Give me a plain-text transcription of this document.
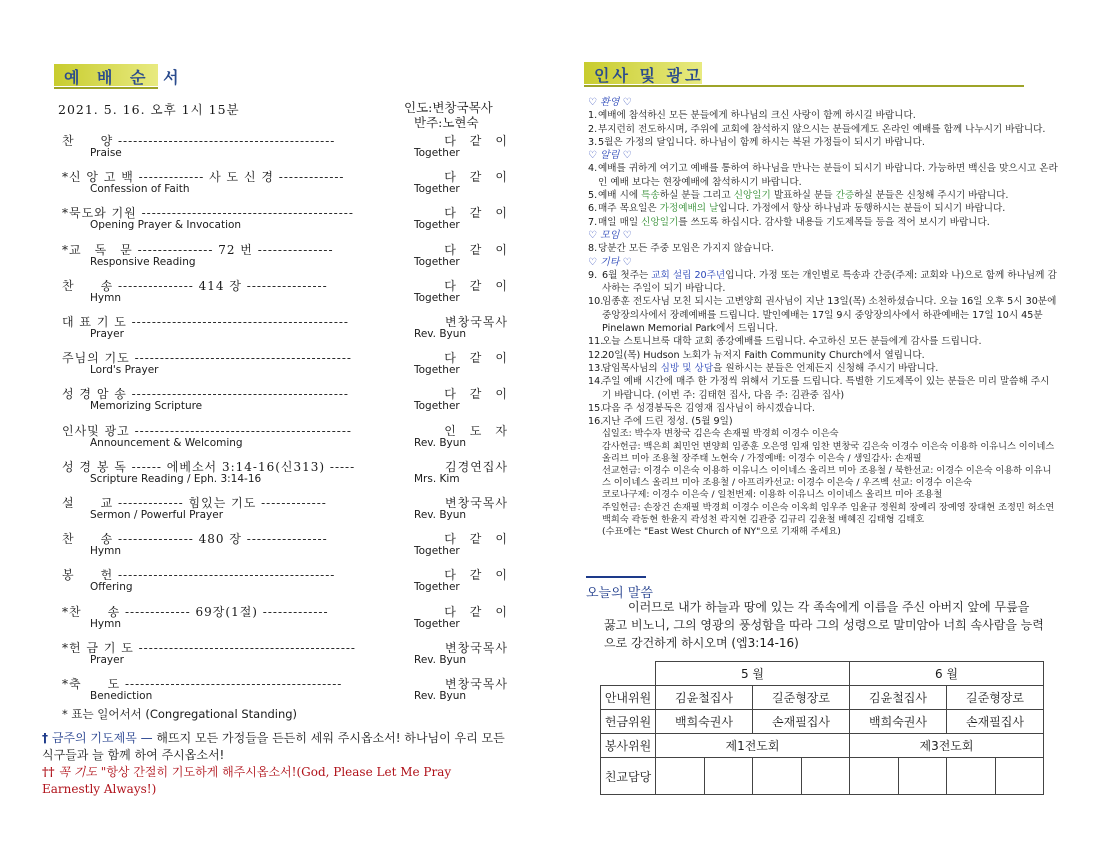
예 배 순 서
2021. 5. 16. 오후 1시 15분	인도:변창국목사
반주:노현숙
찬　　양 -------------------------------------------	다　같　이
Praise	Together
*신 앙 고 백 ------------- 사 도 신 경 -------------	다　같　이
Confession of Faith	Together
*묵도와 기원 ------------------------------------------	다　같　이
Opening Prayer & Invocation	Together
*교　독　문 --------------- 72 번 ---------------	다　같　이
Responsive Reading	Together
찬　　송 --------------- 414 장 ----------------	다　같　이
Hymn	Together
대 표 기 도 -------------------------------------------	변창국목사
Prayer	Rev. Byun
주님의 기도 -------------------------------------------	다　같　이
Lord's Prayer	Together
성 경 암 송 -------------------------------------------	다　같　이
Memorizing Scripture	Together
인사및 광고 -------------------------------------------	인　도　자
Announcement & Welcoming	Rev. Byun
성 경 봉 독 ------ 에베소서 3:14-16(신313) -----	김경연집사
Scripture Reading / Eph. 3:14-16	Mrs. Kim
설　　교 ------------- 힘있는 기도 -------------	변창국목사
Sermon / Powerful Prayer	Rev. Byun
찬　　송 --------------- 480 장 ----------------	다　같　이
Hymn	Together
봉　　헌 -------------------------------------------	다　같　이
Offering	Together
*찬　　송 ------------- 69장(1절) -------------	다　같　이
Hymn	Together
*헌 금 기 도 -------------------------------------------	변창국목사
Prayer	Rev. Byun
*축　　도 -------------------------------------------	변창국목사
Benediction	Rev. Byun
* 표는 일어서서 (Congregational Standing)
† 금주의 기도제목 — 해뜨지 모든 가정들을 든든히 세워 주시옵소서! 하나님이 우리 모든 식구들과 늘 함께 하여 주시옵소서!
†† 꼭 기도 "항상 간절히 기도하게 해주시옵소서!(God, Please Let Me Pray Earnestly Always!)
인사 및 광고
♡ 환영 ♡
1. 예배에 참석하신 모든 분들에게 하나님의 크신 사랑이 함께 하시길 바랍니다.
2. 부지런히 전도하시며, 주위에 교회에 참석하지 않으시는 분들에게도 온라인 예배를 함께 나누시기 바랍니다.
3. 5월은 가정의 달입니다. 하나님이 함께 하시는 복된 가정들이 되시기 바랍니다.
♡ 알림 ♡
4. 예배를 귀하게 여기고 예배를 통하여 하나님을 만나는 분들이 되시기 바랍니다. 가능하면 백신을 맞으시고 온라인 예배 보다는 현장예배에 참석하시기 바랍니다.
5. 예배 시에 특송하실 분들 그리고 신앙일기 발표하실 분들 간증하실 분들은 신청해 주시기 바랍니다.
6. 매주 목요일은 가정예배의 날입니다. 가정에서 항상 하나님과 동행하시는 분들이 되시기 바랍니다.
7. 매일 매일 신앙일기를 쓰도록 하십시다. 감사할 내용들 기도제목들 등을 적어 보시기 바랍니다.
♡ 모임 ♡
8. 당분간 모든 주중 모임은 가지지 않습니다.
♡ 기타 ♡
9. 6월 첫주는 교회 설립 20주년입니다. 가정 또는 개인별로 특송과 간증(주제: 교회와 나)으로 함께 하나님께 감사하는 주일이 되기 바랍니다.
10.
임종훈 전도사님 모친 되시는 고변양희 권사님이 지난 13일(목) 소천하셨습니다. 오늘 16일 오후 5시 30분에 중앙장의사에서 장례예배를 드립니다. 발인예배는 17일 9시 중앙장의사에서 하관예배는 17일 10시 45분 Pinelawn Memorial Park에서 드립니다.
11.
오늘 스토니브룩 대학 교회 종강예배를 드립니다. 수고하신 모든 분들에게 감사를 드립니다.
12.
20일(목) Hudson 노회가 뉴저지 Faith Community Church에서 열립니다.
13.
담임목사님의 심방 및 상담을 원하시는 분들은 언제든지 신청해 주시기 바랍니다.
14.
주일 예배 시간에 매주 한 가정씩 위해서 기도를 드립니다. 특별한 기도제목이 있는 분들은 미리 말씀해 주시기 바랍니다. (이번 주: 김태현 집사, 다음 주: 김관중 집사)
15.
다음 주 성경봉독은 김영재 집사님이 하시겠습니다.
16.
지난 주에 드린 정성. (5월 9일)
십일조: 박수자 변창국 김은숙 손재필 박경희 이경수 이은숙
감사헌금: 백은희 최민언 변양희 임종훈 오은영 임재 임찬 변창국 김은숙 이경수 이은숙 이용하 이유니스 이이네스 올리브 미아 조용철 장주태 노현숙 / 가정예배: 이경수 이은숙 / 생일감사: 손재필
선교헌금: 이경수 이은숙 이용하 이유니스 이이네스 올리브 미아 조용철 / 북한선교: 이경수 이은숙 이용하 이유니스 이이네스 올리브 미아 조용철 / 아프리카선교: 이경수 이은숙 / 우즈벡 선교: 이경수 이은숙
코로나구제: 이경수 이은숙 / 일천번제: 이용하 이유니스 이이네스 올리브 미아 조용철
주일헌금: 손장건 손재필 박경희 이경수 이은숙 이옥희 임우주 임윤규 정원희 장예리 장예영 장대현 조정민 허소연 백희숙 곽동현 한윤지 곽성천 곽지현 김관중 김규리 김윤철 배혜진 김태형 김태호
(수표에는 "East West Church of NY"으로 기재해 주세요)
오늘의 말씀
이러므로 내가 하늘과 땅에 있는 각 족속에게 이름을 주신 아버지 앞에 무릎을 꿇고 비노니, 그의 영광의 풍성함을 따라 그의 성령으로 말미암아 너희 속사람을 능력으로 강건하게 하시오며 (엡3:14-16)
	5 월				6 월			
안내위원	김윤철집사		길준형장로		김윤철집사		길준형장로	
헌금위원	백희숙권사		손재필집사		백희숙권사		손재필집사	
봉사위원	제1전도회				제3전도회			
친교담당								
